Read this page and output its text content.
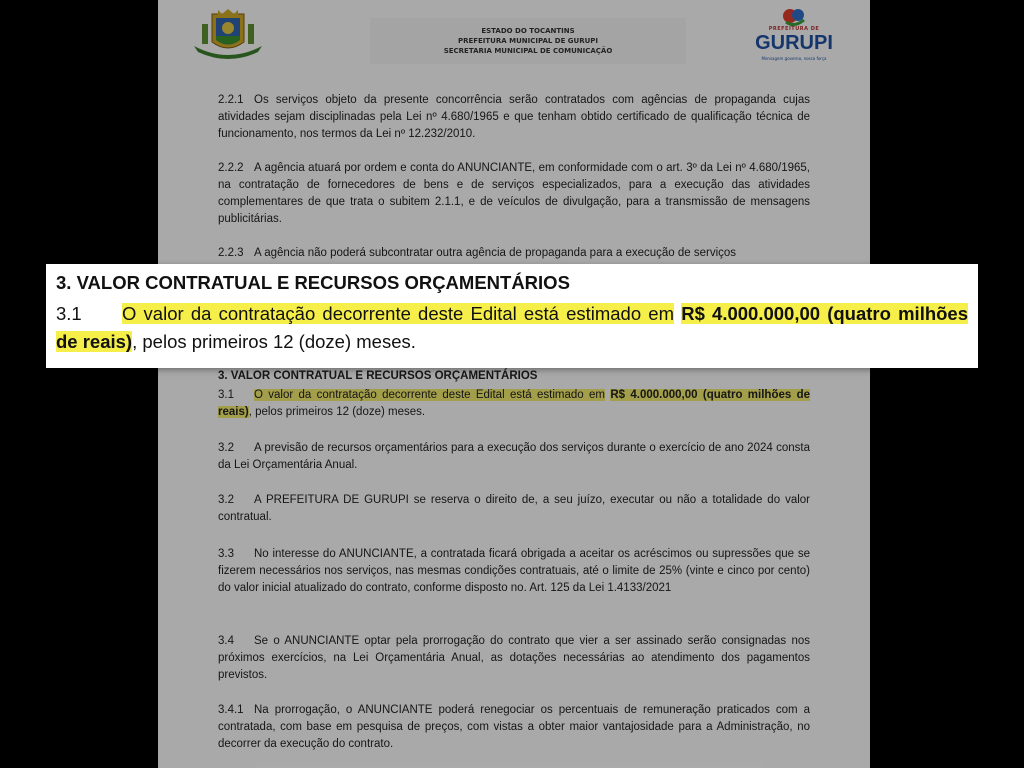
ESTADO DO TOCANTINS
PREFEITURA MUNICIPAL DE GURUPI
SECRETARIA MUNICIPAL DE COMUNICAÇÃO
PREFEITURA DE
GURUPI
Mensagem governo, nossa força

2.2.1 Os serviços objeto da presente concorrência serão contratados com agências de propaganda cujas atividades sejam disciplinadas pela Lei nº 4.680/1965 e que tenham obtido certificado de qualificação técnica de funcionamento, nos termos da Lei nº 12.232/2010.

2.2.2 A agência atuará por ordem e conta do ANUNCIANTE, em conformidade com o art. 3º da Lei nº 4.680/1965, na contratação de fornecedores de bens e de serviços especializados, para a execução das atividades complementares de que trata o subitem 2.1.1, e de veículos de divulgação, para a transmissão de mensagens publicitárias.

2.2.3 A agência não poderá subcontratar outra agência de propaganda para a execução de serviços

3. VALOR CONTRATUAL E RECURSOS ORÇAMENTÁRIOS

3.1 O valor da contratação decorrente deste Edital está estimado em R$ 4.000.000,00 (quatro milhões de reais), pelos primeiros 12 (doze) meses.

3.2 A previsão de recursos orçamentários para a execução dos serviços durante o exercício de ano 2024 consta da Lei Orçamentária Anual.

3.2 A PREFEITURA DE GURUPI se reserva o direito de, a seu juízo, executar ou não a totalidade do valor contratual.

3.3 No interesse do ANUNCIANTE, a contratada ficará obrigada a aceitar os acréscimos ou supressões que se fizerem necessários nos serviços, nas mesmas condições contratuais, até o limite de 25% (vinte e cinco por cento) do valor inicial atualizado do contrato, conforme disposto no. Art. 125 da Lei 1.4133/2021

3.4 Se o ANUNCIANTE optar pela prorrogação do contrato que vier a ser assinado serão consignadas nos próximos exercícios, na Lei Orçamentária Anual, as dotações necessárias ao atendimento dos pagamentos previstos.

3.4.1 Na prorrogação, o ANUNCIANTE poderá renegociar os percentuais de remuneração praticados com a contratada, com base em pesquisa de preços, com vistas a obter maior vantajosidade para a Administração, no decorrer da execução do contrato.

3. VALOR CONTRATUAL E RECURSOS ORÇAMENTÁRIOS

3.1 O valor da contratação decorrente deste Edital está estimado em R$ 4.000.000,00 (quatro milhões de reais), pelos primeiros 12 (doze) meses.
